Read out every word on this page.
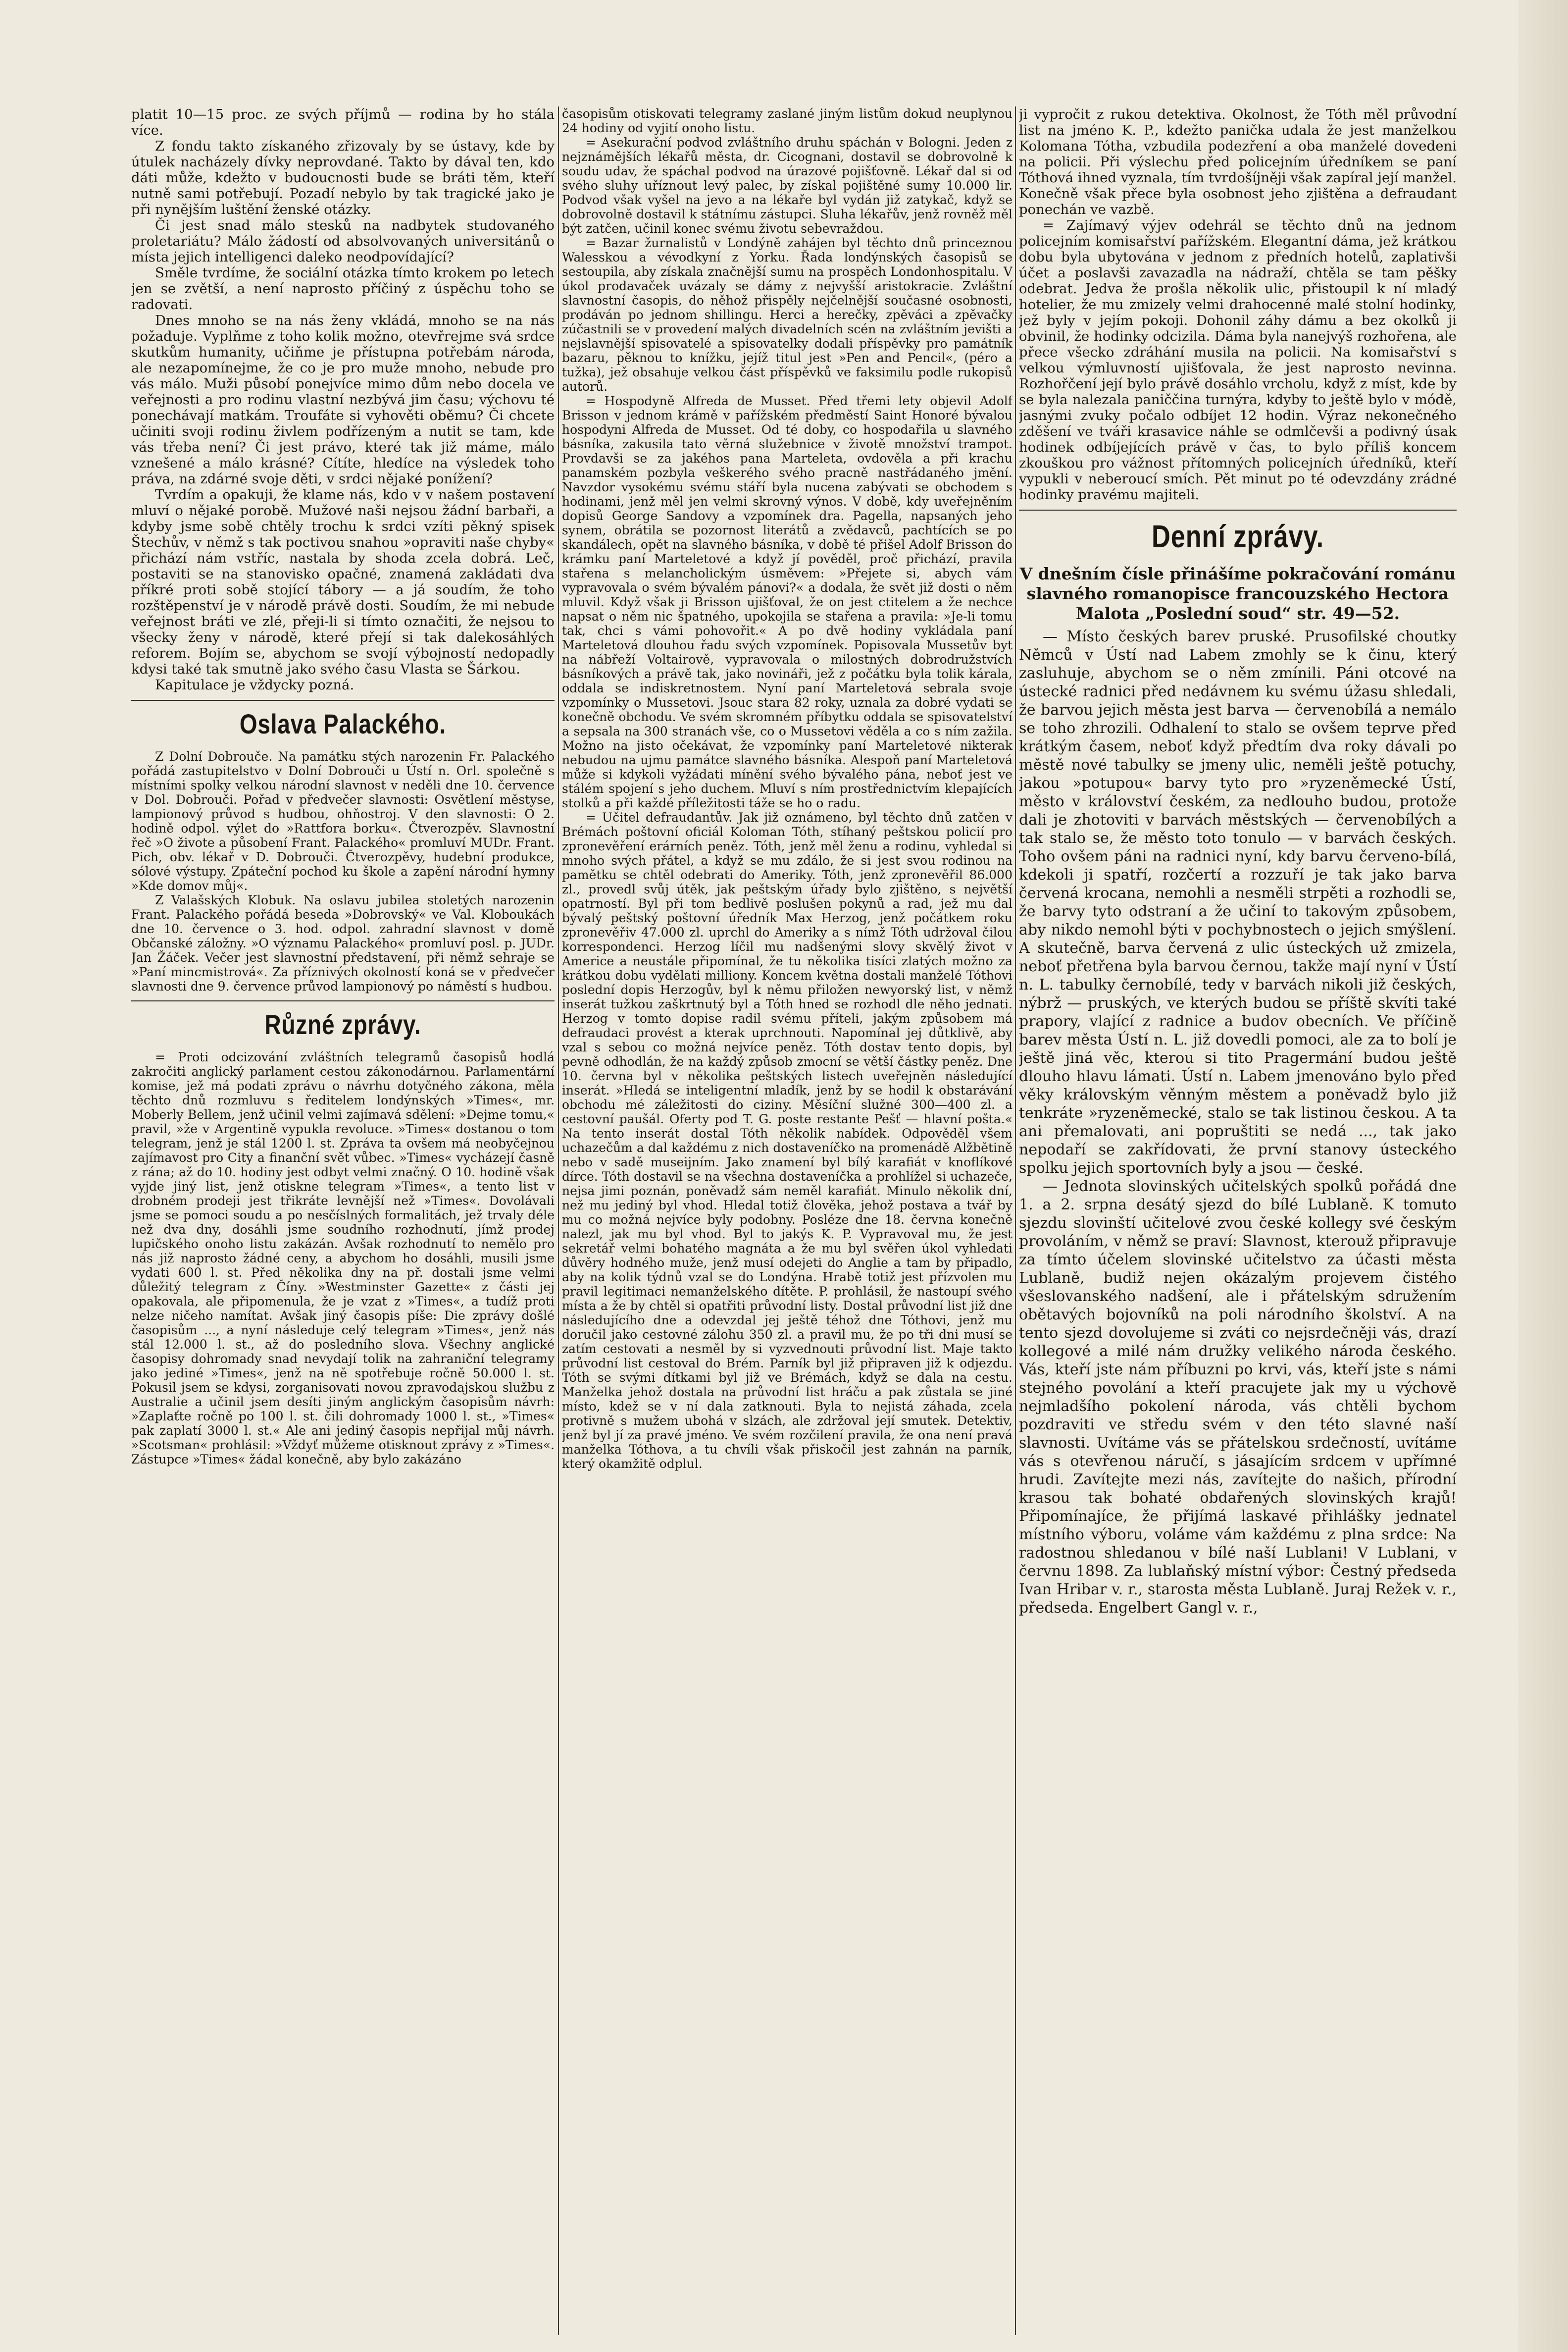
platit 10—15 proc. ze svých příjmů — rodina by ho stála více.

Z fondu takto získaného zřizovaly by se ústavy, kde by útulek nacházely dívky neprovdané. Takto by dával ten, kdo dáti může, kdežto v budoucnosti bude se bráti těm, kteří nutně sami potřebují. Pozadí nebylo by tak tragické jako je při nynějším luštění ženské otázky.

Či jest snad málo stesků na nadbytek studovaného proletariátu? Málo žádostí od absolvovaných universitánů o místa jejich intelligenci daleko neodpovídající?

Směle tvrdíme, že sociální otázka tímto krokem po letech jen se zvětší, a není naprosto příčiný z úspěchu toho se radovati.

Dnes mnoho se na nás ženy vkládá, mnoho se na nás požaduje. Vyplňme z toho kolik možno, otevřrejme svá srdce skutkům humanity, učiňme je přístupna potřebám národa, ale nezapomínejme, že co je pro muže mnoho, nebude pro vás málo. Muži působí ponejvíce mimo dům nebo docela ve veřejnosti a pro rodinu vlastní nezbývá jim času; výchovu té ponechávají matkám. Troufáte si vyhověti oběmu? Či chcete učiniti svoji rodinu živlem podřízeným a nutit se tam, kde vás třeba není? Či jest právo, které tak již máme, málo vznešené a málo krásné? Cítíte, hledíce na výsledek toho práva, na zdárné svoje děti, v srdci nějaké ponížení?

Tvrdím a opakuji, že klame nás, kdo v v našem postavení mluví o nějaké porobě. Mužové naši nejsou žádní barbaři, a kdyby jsme sobě chtěly trochu k srdci vzíti pěkný spisek Štechův, v němž s tak poctivou snahou »opraviti naše chyby« přichází nám vstříc, nastala by shoda zcela dobrá. Leč, postaviti se na stanovisko opačné, znamená zakládati dva příkré proti sobě stojící tábory — a já soudím, že toho rozštěpenství je v národě právě dosti. Soudím, že mi nebude veřejnost bráti ve zlé, přeji-li si tímto označiti, že nejsou to všecky ženy v národě, které přejí si tak dalekosáhlých reforem. Bojím se, abychom se svojí výbojností nedopadly kdysi také tak smutně jako svého času Vlasta se Šárkou.

Kapitulace je vždycky pozná.

Oslava Palackého.

Z Dolní Dobrouče. Na památku stých narozenin Fr. Palackého pořádá zastupitelstvo v Dolní Dobrouči u Ústí n. Orl. společně s místními spolky velkou národní slavnost v neděli dne 10. července v Dol. Dobrouči. Pořad v předvečer slavnosti: Osvětlení městyse, lampionový průvod s hudbou, ohňostroj. V den slavnosti: O 2. hodině odpol. výlet do »Rattfora borku«. Čtverozpěv. Slavnostní řeč »O živote a působení Frant. Palackého« promluví MUDr. Frant. Pich, obv. lékař v D. Dobrouči. Čtverozpěvy, hudební produkce, sólové výstupy. Zpáteční pochod ku škole a zapění národní hymny »Kde domov můj«.

Z Valašských Klobuk. Na oslavu jubilea stoletých narozenin Frant. Palackého pořádá beseda »Dobrovský« ve Val. Kloboukách dne 10. července o 3. hod. odpol. zahradní slavnost v domě Občanské záložny. »O významu Palackého« promluví posl. p. JUDr. Jan Žáček. Večer jest slavnostní představení, při němž sehraje se »Paní mincmistrová«. Za příznivých okolností koná se v předvečer slavnosti dne 9. července průvod lampionový po náměstí s hudbou.

Různé zprávy.

= Proti odcizování zvláštních telegramů časopisů hodlá zakročiti anglický parlament cestou zákonodárnou. Parlamentární komise, jež má podati zprávu o návrhu dotyčného zákona, měla těchto dnů rozmluvu s ředitelem londýnských »Times«, mr. Moberly Bellem, jenž učinil velmi zajímavá sdělení: »Dejme tomu,« pravil, »že v Argentině vypukla revoluce. »Times« dostanou o tom telegram, jenž je stál 1200 l. st. Zpráva ta ovšem má neobyčejnou zajímavost pro City a finanční svět vůbec. »Times« vycházejí časně z rána; až do 10. hodiny jest odbyt velmi značný. O 10. hodině však vyjde jiný list, jenž otiskne telegram »Times«, a tento list v drobném prodeji jest třikráte levnější než »Times«. Dovolávali jsme se pomoci soudu a po nesčíslných formalitách, jež trvaly déle než dva dny, dosáhli jsme soudního rozhodnutí, jímž prodej lupičského onoho listu zakázán. Avšak rozhodnutí to nemělo pro nás již naprosto žádné ceny, a abychom ho dosáhli, musili jsme vydati 600 l. st. Před několika dny na př. dostali jsme velmi důležitý telegram z Číny. »Westminster Gazette« z části jej opakovala, ale připomenula, že je vzat z »Times«, a tudíž proti nelze ničeho namítat. Avšak jiný časopis píše: Die zprávy došlé časopisům ..., a nyní následuje celý telegram »Times«, jenž nás stál 12.000 l. st., až do posledního slova. Všechny anglické časopisy dohromady snad nevydají tolik na zahraniční telegramy jako jediné »Times«, jenž na ně spotřebuje ročně 50.000 l. st. Pokusil jsem se kdysi, zorganisovati novou zpravodajskou službu z Australie a učinil jsem desíti jiným anglickým časopisům návrh: »Zaplaťte ročně po 100 l. st. čili dohromady 1000 l. st., »Times« pak zaplatí 3000 l. st.« Ale ani jediný časopis nepřijal můj návrh. »Scotsman« prohlásil: »Vždyť můžeme otisknout zprávy z »Times«. Zástupce »Times« žádal konečně, aby bylo zakázáno

časopisům otiskovati telegramy zaslané jiným listům dokud neuplynou 24 hodiny od vyjití onoho listu.

= Asekurační podvod zvláštního druhu spáchán v Bologni. Jeden z nejznámějších lékařů města, dr. Cicognani, dostavil se dobrovolně k soudu udav, že spáchal podvod na úrazové pojišťovně. Lékař dal si od svého sluhy uříznout levý palec, by získal pojištěné sumy 10.000 lir. Podvod však vyšel na jevo a na lékaře byl vydán již zatykač, když se dobrovolně dostavil k státnímu zástupci. Sluha lékařův, jenž rovněž měl být zatčen, učinil konec svému životu sebevraždou.

= Bazar žurnalistů v Londýně zahájen byl těchto dnů princeznou Walesskou a vévodkyní z Yorku. Řada londýnských časopisů se sestoupila, aby získala značnější sumu na prospěch Londonhospitalu. V úkol prodavaček uvázaly se dámy z nejvyšší aristokracie. Zvláštní slavnostní časopis, do něhož přispěly nejčelnější současné osobnosti, prodáván po jednom shillingu. Herci a herečky, zpěváci a zpěvačky zúčastnili se v provedení malých divadelních scén na zvláštním jevišti a nejslavnější spisovatelé a spisovatelky dodali příspěvky pro památník bazaru, pěknou to knížku, jejíž titul jest »Pen and Pencil«, (péro a tužka), jež obsahuje velkou část příspěvků ve faksimilu podle rukopisů autorů.

= Hospodyně Alfreda de Musset. Před třemi lety objevil Adolf Brisson v jednom krámě v pařížském předměstí Saint Honoré bývalou hospodyni Alfreda de Musset. Od té doby, co hospodařila u slavného básníka, zakusila tato věrná služebnice v životě množství trampot. Provdavši se za jakéhos pana Marteleta, ovdověla a při krachu panamském pozbyla veškerého svého pracně nastřádaného jmění. Navzdor vysokému svému stáří byla nucena zabývati se obchodem s hodinami, jenž měl jen velmi skrovný výnos. V době, kdy uveřejněním dopisů George Sandovy a vzpomínek dra. Pagella, napsaných jeho synem, obrátila se pozornost literátů a zvědavců, pachtících se po skandálech, opět na slavného básníka, v době té přišel Adolf Brisson do krámku paní Marteletové a když jí pověděl, proč přichází, pravila stařena s melancholickým úsměvem: »Přejete si, abych vám vypravovala o svém bývalém pánovi?« a dodala, že svět již dosti o něm mluvil. Když však ji Brisson ujišťoval, že on jest ctitelem a že nechce napsat o něm nic špatného, upokojila se stařena a pravila: »Je-li tomu tak, chci s vámi pohovořit.« A po dvě hodiny vykládala paní Marteletová dlouhou řadu svých vzpomínek. Popisovala Mussetův byt na nábřeží Voltairově, vypravovala o milostných dobrodružstvích básníkových a právě tak, jako novináři, jež z počátku byla tolik kárala, oddala se indiskretnostem. Nyní paní Marteletová sebrala svoje vzpomínky o Mussetovi. Jsouc stara 82 roky, uznala za dobré vydati se konečně obchodu. Ve svém skromném příbytku oddala se spisovatelství a sepsala na 300 stranách vše, co o Mussetovi věděla a co s ním zažila. Možno na jisto očekávat, že vzpomínky paní Marteletové nikterak nebudou na ujmu památce slavného básníka. Alespoň paní Marteletová může si kdykoli vyžádati mínění svého bývalého pána, neboť jest ve stálém spojení s jeho duchem. Mluví s ním prostřednictvím klepajících stolků a při každé příležitosti táže se ho o radu.

= Učitel defraudantův. Jak již oznámeno, byl těchto dnů zatčen v Brémách poštovní oficiál Koloman Tóth, stíhaný peštskou policií pro zpronevěření erárních peněz. Tóth, jenž měl ženu a rodinu, vyhledal si mnoho svých přátel, a když se mu zdálo, že si jest svou rodinou na pamětku se chtěl odebrati do Ameriky. Tóth, jenž zpronevěřil 86.000 zl., provedl svůj útěk, jak peštským úřady bylo zjištěno, s největší opatrností. Byl při tom bedlivě poslušen pokynů a rad, jež mu dal bývalý peštský poštovní úředník Max Herzog, jenž počátkem roku zpronevěřiv 47.000 zl. uprchl do Ameriky a s nímž Tóth udržoval čilou korrespondenci. Herzog líčil mu nadšenými slovy skvělý život v Americe a neustále připomínal, že tu několika tisíci zlatých možno za krátkou dobu vydělati milliony. Koncem května dostali manželé Tóthovi poslední dopis Herzogův, byl k němu přiložen newyorský list, v němž inserát tužkou zaškrtnutý byl a Tóth hned se rozhodl dle něho jednati. Herzog v tomto dopise radil svému příteli, jakým způsobem má defraudaci provést a kterak uprchnouti. Napomínal jej důtklivě, aby vzal s sebou co možná nejvíce peněz. Tóth dostav tento dopis, byl pevně odhodlán, že na každý způsob zmocní se větší částky peněz. Dne 10. června byl v několika peštských listech uveřejněn následující inserát. »Hledá se inteligentní mladík, jenž by se hodil k obstarávání obchodu mé záležitosti do ciziny. Měsíční služné 300—400 zl. a cestovní paušál. Oferty pod T. G. poste restante Pešť — hlavní pošta.« Na tento inserát dostal Tóth několik nabídek. Odpověděl všem uchazečům a dal každému z nich dostaveníčko na promenádě Alžbětině nebo v sadě museijním. Jako znamení byl bílý karafiát v knoflíkové dírce. Tóth dostavil se na všechna dostaveníčka a prohlížel si uchazeče, nejsa jimi poznán, poněvadž sám neměl karafiát. Minulo několik dní, než mu jediný byl vhod. Hledal totiž člověka, jehož postava a tvář by mu co možná nejvíce byly podobny. Posléze dne 18. června konečně nalezl, jak mu byl vhod. Byl to jakýs K. P. Vypravoval mu, že jest sekretář velmi bohatého magnáta a že mu byl svěřen úkol vyhledati důvěry hodného muže, jenž musí odejeti do Anglie a tam by připadlo, aby na kolik týdnů vzal se do Londýna. Hrabě totiž jest přízvolen mu pravil legitimaci nemanželského dítěte. P. prohlásil, že nastoupí svého místa a že by chtěl si opatřiti průvodní listy. Dostal průvodní list již dne následujícího dne a odevzdal jej ještě téhož dne Tóthovi, jenž mu doručil jako cestovné zálohu 350 zl. a pravil mu, že po tři dni musí se zatím cestovati a nesměl by si vyzvednouti průvodní list. Maje takto průvodní list cestoval do Brém. Parník byl již připraven již k odjezdu. Tóth se svými dítkami byl již ve Brémách, když se dala na cestu. Manželka jehož dostala na průvodní list hráču a pak zůstala se jiné místo, kdež se v ní dala zatknouti. Byla to nejistá záhada, zcela protivně s mužem ubohá v slzách, ale zdržoval její smutek. Detektiv, jenž byl jí za pravé jméno. Ve svém rozčilení pravila, že ona není pravá manželka Tóthova, a tu chvíli však přiskočil jest zahnán na parník, který okamžitě odplul.

ji vypročit z rukou detektiva. Okolnost, že Tóth měl průvodní list na jméno K. P., kdežto panička udala že jest manželkou Kolomana Tótha, vzbudila podezření a oba manželé dovedeni na policii. Při výslechu před policejním úředníkem se paní Tóthová ihned vyznala, tím tvrdošíjněji však zapíral její manžel. Konečně však přece byla osobnost jeho zjištěna a defraudant ponechán ve vazbě.

= Zajímavý výjev odehrál se těchto dnů na jednom policejním komisařství pařížském. Elegantní dáma, jež krátkou dobu byla ubytována v jednom z předních hotelů, zaplativši účet a poslavši zavazadla na nádraží, chtěla se tam pěšky odebrat. Jedva že prošla několik ulic, přistoupil k ní mladý hotelier, že mu zmizely velmi drahocenné malé stolní hodinky, jež byly v jejím pokoji. Dohonil záhy dámu a bez okolků ji obvinil, že hodinky odcizila. Dáma byla nanejvýš rozhořena, ale přece všecko zdráhání musila na policii. Na komisařství s velkou výmluvností ujišťovala, že jest naprosto nevinna. Rozhořčení její bylo právě dosáhlo vrcholu, když z míst, kde by se byla nalezala paniččina turnýra, kdyby to ještě bylo v módě, jasnými zvuky počalo odbíjet 12 hodin. Výraz nekonečného zděšení ve tváři krasavice náhle se odmlčevši a podivný úsak hodinek odbíjejících právě v čas, to bylo příliš koncem zkouškou pro vážnost přítomných policejních úředníků, kteří vypukli v neberoucí smích. Pět minut po té odevzdány zrádné hodinky pravému majiteli.

Denní zprávy.

V dnešním čísle přinášíme pokračování románu slavného romanopisce francouzského Hectora Malota „Poslední soud“ str. 49—52.

— Místo českých barev pruské. Prusofilské choutky Němců v Ústí nad Labem zmohly se k činu, který zasluhuje, abychom se o něm zmínili. Páni otcové na ústecké radnici před nedávnem ku svému úžasu shledali, že barvou jejich města jest barva — červenobílá a nemálo se toho zhrozili. Odhalení to stalo se ovšem teprve před krátkým časem, neboť když předtím dva roky dávali po městě nové tabulky se jmeny ulic, neměli ještě potuchy, jakou »potupou« barvy tyto pro »ryzeněmecké Ústí, město v království českém, za nedlouho budou, protože dali je zhotoviti v barvách městských — červenobílých a tak stalo se, že město toto tonulo — v barvách českých. Toho ovšem páni na radnici nyní, kdy barvu červeno-bílá, kdekoli ji spatří, rozčertí a rozzuří je tak jako barva červená krocana, nemohli a nesměli strpěti a rozhodli se, že barvy tyto odstraní a že učiní to takovým způsobem, aby nikdo nemohl býti v pochybnostech o jejich smýšlení. A skutečně, barva červená z ulic ústeckých už zmizela, neboť přetřena byla barvou černou, takže mají nyní v Ústí n. L. tabulky černobílé, tedy v barvách nikoli již českých, nýbrž — pruských, ve kterých budou se příště skvíti také prapory, vlající z radnice a budov obecních. Ve příčině barev města Ústí n. L. již dovedli pomoci, ale za to bolí je ještě jiná věc, kterou si tito Pragermání budou ještě dlouho hlavu lámati. Ústí n. Labem jmenováno bylo před věky královským věnným městem a poněvadž bylo již tenkráte »ryzeněmecké, stalo se tak listinou českou. A ta ani přemalovati, ani popruštiti se nedá ..., tak jako nepodaří se zakřídovati, že první stanovy ústeckého spolku jejich sportovních byly a jsou — české.

— Jednota slovinských učitelských spolků pořádá dne 1. a 2. srpna desátý sjezd do bílé Lublaně. K tomuto sjezdu slovinští učitelové zvou české kollegy své českým provoláním, v němž se praví: Slavnost, kterouž připravuje za tímto účelem slovinské učitelstvo za účasti města Lublaně, budiž nejen okázalým projevem čistého všeslovanského nadšení, ale i přátelským sdružením obětavých bojovníků na poli národního školství. A na tento sjezd dovolujeme si zváti co nejsrdečněji vás, drazí kollegové a milé nám družky velikého národa českého. Vás, kteří jste nám příbuzni po krvi, vás, kteří jste s námi stejného povolání a kteří pracujete jak my u výchově nejmladšího pokolení národa, vás chtěli bychom pozdraviti ve středu svém v den této slavné naší slavnosti. Uvítáme vás se přátelskou srdečností, uvítáme vás s otevřenou náručí, s jásajícím srdcem v upřímné hrudi. Zavítejte mezi nás, zavítejte do našich, přírodní krasou tak bohaté obdařených slovinských krajů! Připomínajíce, že přijímá laskavé přihlášky jednatel místního výboru, voláme vám každému z plna srdce: Na radostnou shledanou v bílé naší Lublani! V Lublani, v červnu 1898. Za lublaňský místní výbor: Čestný předseda Ivan Hribar v. r., starosta města Lublaně. Juraj Režek v. r., předseda. Engelbert Gangl v. r.,
